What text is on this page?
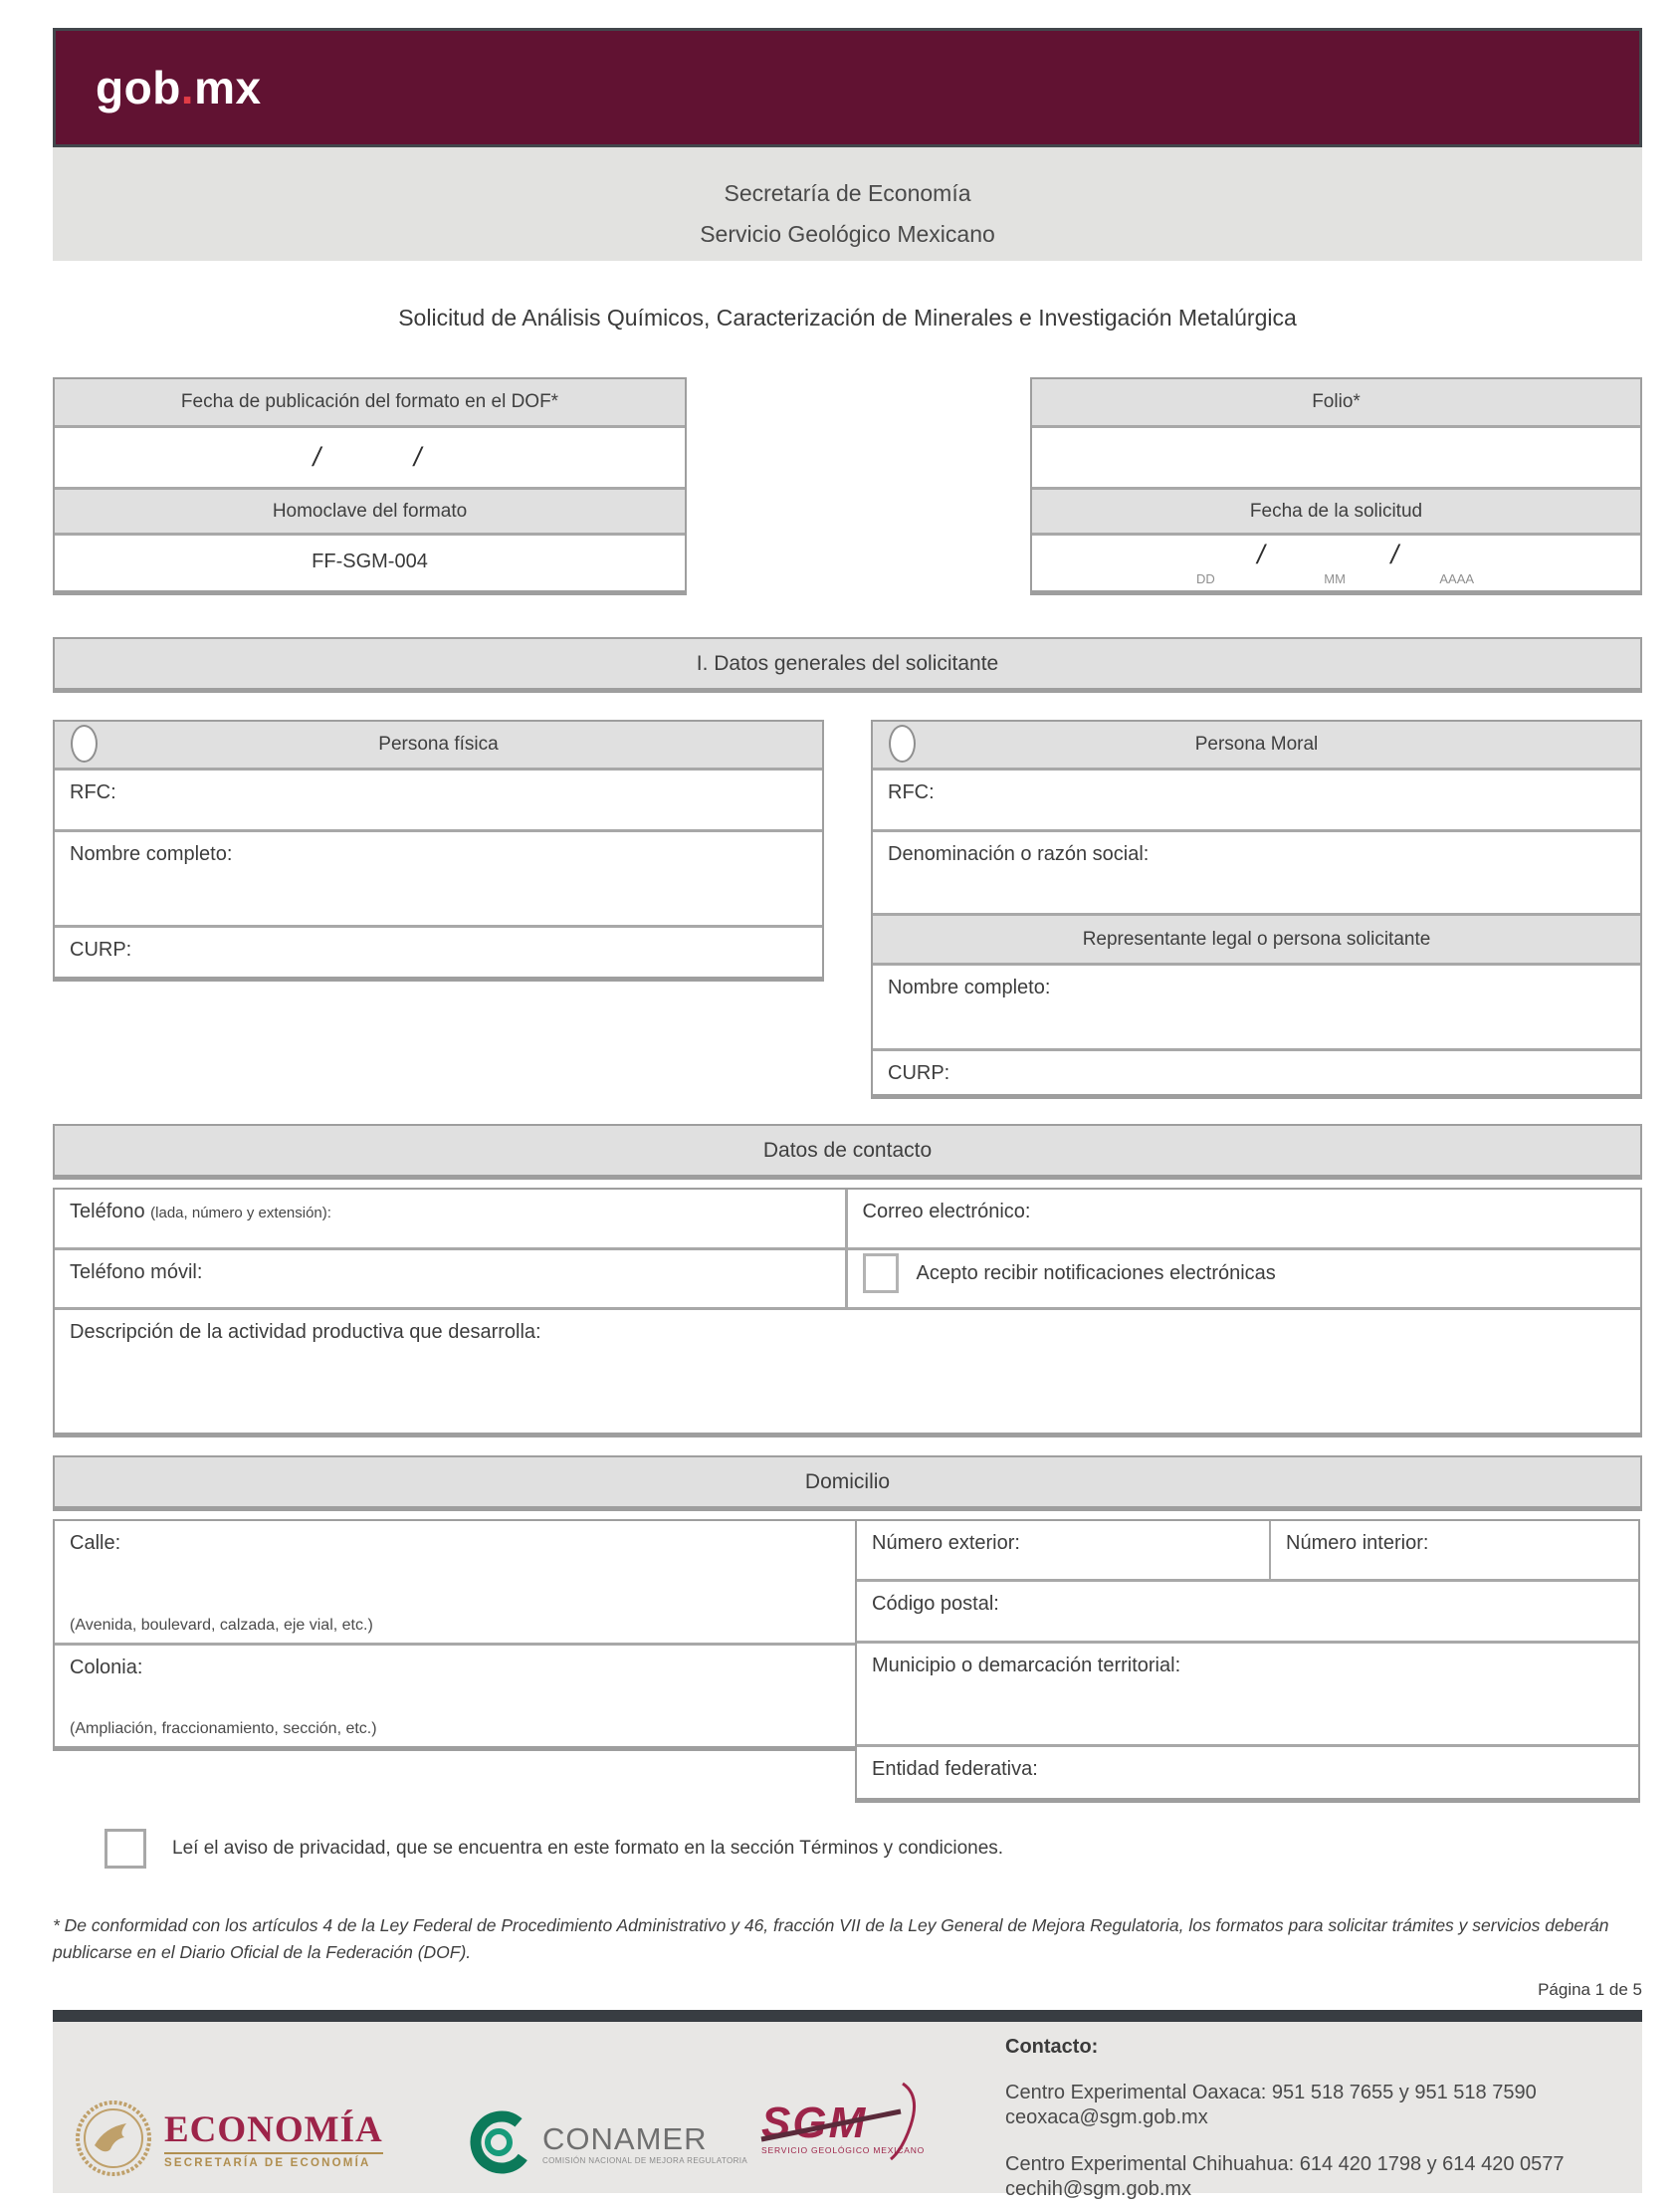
gob.mx
Secretaría de Economía
Servicio Geológico Mexicano
Solicitud de Análisis Químicos, Caracterización de Minerales e Investigación Metalúrgica
Fecha de publicación del formato en el DOF*
/	/
Homoclave del formato
FF-SGM-004
Folio*
Fecha de la solicitud
/	/
DD	MM	AAAA
I. Datos generales del solicitante
Persona física
RFC:
Nombre completo:
CURP:
Persona Moral
RFC:
Denominación o razón social:
Representante legal o persona solicitante
Nombre completo:
CURP:
Datos de contacto
Teléfono (lada, número y extensión):	Correo electrónico:
Teléfono móvil:	Acepto recibir notificaciones electrónicas
Descripción de la actividad productiva que desarrolla:
Domicilio
Calle:
(Avenida, boulevard, calzada, eje vial, etc.)
Colonia:
(Ampliación, fraccionamiento, sección, etc.)
Número exterior:	Número interior:
Código postal:
Municipio o demarcación territorial:
Entidad federativa:
Leí el aviso de privacidad, que se encuentra en este formato en la sección Términos y condiciones.
* De conformidad con los artículos 4 de la Ley Federal de Procedimiento Administrativo y 46, fracción VII de la Ley General de Mejora Regulatoria, los formatos para solicitar trámites y servicios deberán publicarse en el Diario Oficial de la Federación (DOF).
Página 1 de 5
ECONOMÍA
SECRETARÍA DE ECONOMÍA
CONAMER
COMISIÓN NACIONAL DE MEJORA REGULATORIA
SGM
SERVICIO GEOLÓGICO MEXICANO
Contacto:
Centro Experimental Oaxaca: 951 518 7655 y 951 518 7590
ceoxaca@sgm.gob.mx
Centro Experimental Chihuahua: 614 420 1798 y 614 420 0577
cechih@sgm.gob.mx
